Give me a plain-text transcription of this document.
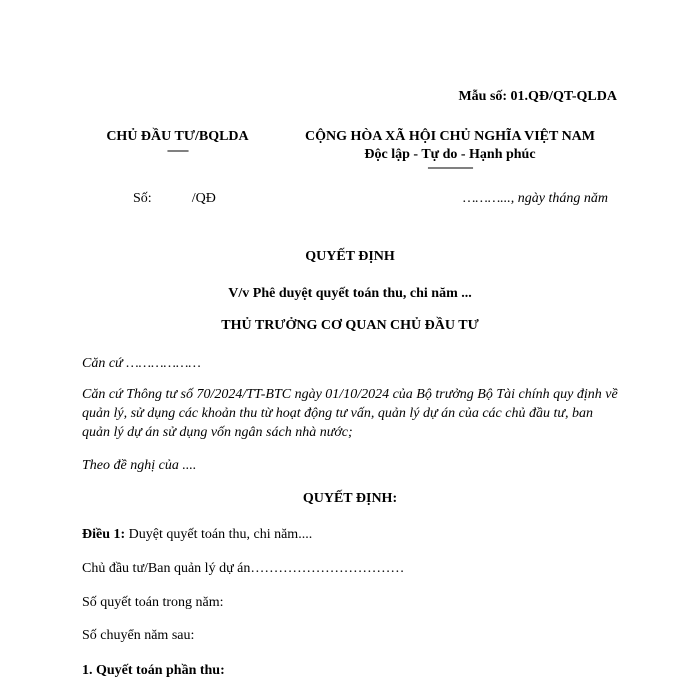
Mẫu số: 01.QĐ/QT-QLDA
CHỦ ĐẦU TƯ/BQLDA
-------
CỘNG HÒA XÃ HỘI CHỦ NGHĨA VIỆT NAM
Độc lập - Tự do - Hạnh phúc
---------------
Số:	/QĐ	………..., ngày tháng năm
QUYẾT ĐỊNH
V/v Phê duyệt quyết toán thu, chi năm ...
THỦ TRƯỞNG CƠ QUAN CHỦ ĐẦU TƯ
Căn cứ ………………
Căn cứ Thông tư số 70/2024/TT-BTC ngày 01/10/2024 của Bộ trưởng Bộ Tài chính quy định về quản lý, sử dụng các khoản thu từ hoạt động tư vấn, quản lý dự án của các chủ đầu tư, ban quản lý dự án sử dụng vốn ngân sách nhà nước;
Theo đề nghị của ....
QUYẾT ĐỊNH:
Điều 1: Duyệt quyết toán thu, chi năm....
Chủ đầu tư/Ban quản lý dự án……………………………
Số quyết toán trong năm:
Số chuyển năm sau:
1. Quyết toán phần thu:
